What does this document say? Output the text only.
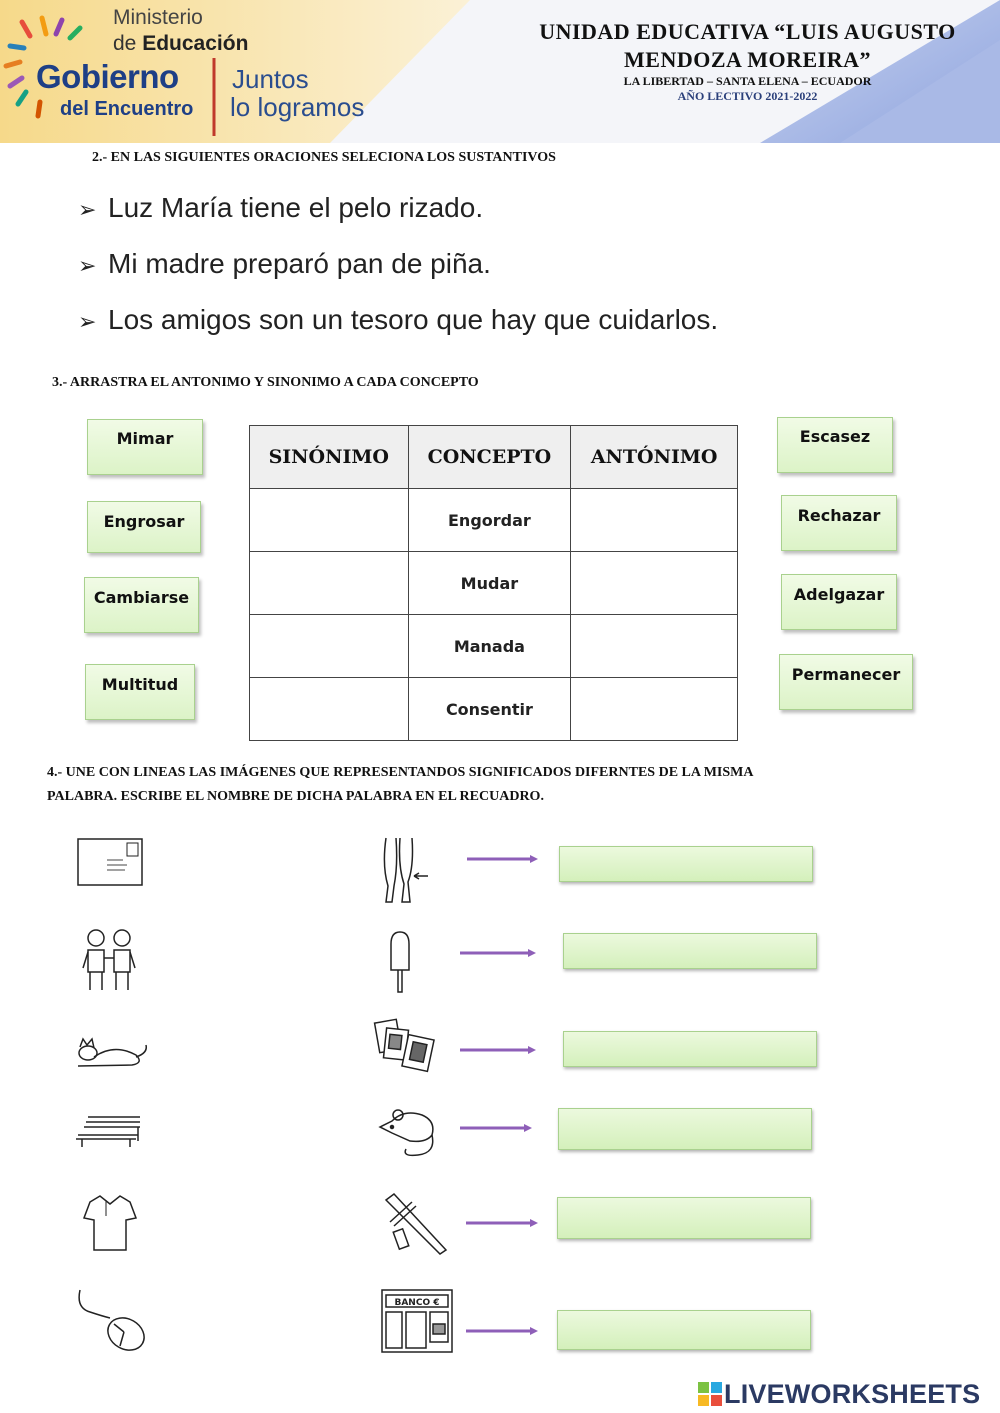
Ministerio
de Educación
Gobierno
del Encuentro
Juntos
lo logramos
UNIDAD EDUCATIVA “LUIS AUGUSTO MENDOZA MOREIRA”
LA LIBERTAD – SANTA ELENA – ECUADOR
AÑO LECTIVO 2021-2022
2.- EN LAS SIGUIENTES ORACIONES SELECIONA LOS SUSTANTIVOS
➢ Luz María tiene el pelo rizado.
➢ Mi madre preparó pan de piña.
➢ Los amigos son un tesoro que hay que cuidarlos.
3.- ARRASTRA EL ANTONIMO Y SINONIMO A CADA CONCEPTO
Mimar
Engrosar
Cambiarse
Multitud
Escasez
Rechazar
Adelgazar
Permanecer
SINÓNIMO	CONCEPTO	ANTÓNIMO
	Engordar	
	Mudar	
	Manada	
	Consentir	
4.- UNE CON LINEAS LAS IMÁGENES QUE REPRESENTANDOS SIGNIFICADOS DIFERNTES DE LA MISMA
PALABRA. ESCRIBE EL NOMBRE DE DICHA PALABRA EN EL RECUADRO.
BANCO €
LIVEWORKSHEETS
